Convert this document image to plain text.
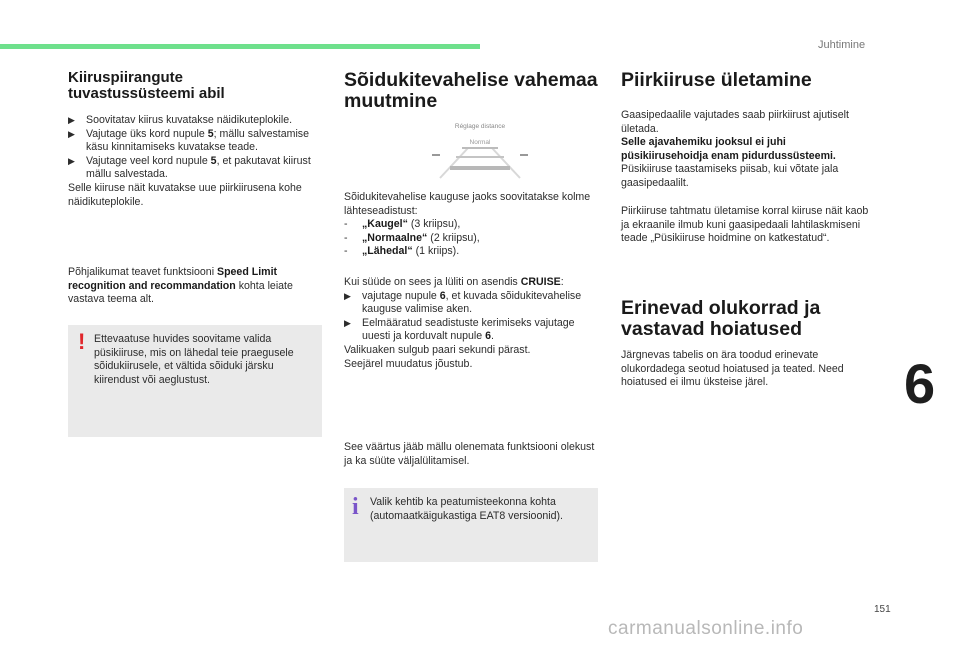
Juhtimine
Kiiruspiirangute
tuvastussüsteemi abil
▶ Soovitatav kiirus kuvatakse näidikuteplokile.
▶ Vajutage üks kord nupule 5; mällu salvestamise käsu kinnitamiseks kuvatakse teade.
▶ Vajutage veel kord nupule 5, et pakutavat kiirust mällu salvestada.

Selle kiiruse näit kuvatakse uue piirkiirusena kohe näidikuteplokile.

Põhjalikumat teavet funktsiooni Speed Limit recognition and recommandation kohta leiate vastava teema alt.

! Ettevaatuse huvides soovitame valida püsikiiruse, mis on lähedal teie praegusele sõidukiirusele, et vältida sõiduki järsku kiirendust või aeglustust.
Sõidukitevahelise vahemaa
muutmine
Réglage distance
Normal

Sõidukitevahelise kauguse jaoks soovitatakse kolme lähteseadistust:

- „Kaugel“ (3 kriipsu),
- „Normaalne“ (2 kriipsu),
- „Lähedal“ (1 kriips).

Kui süüde on sees ja lüliti on asendis CRUISE:

▶ vajutage nupule 6, et kuvada sõidukitevahelise kauguse valimise aken.
▶ Eelmääratud seadistuste kerimiseks vajutage uuesti ja korduvalt nupule 6.

Valikuaken sulgub paari sekundi pärast.

Seejärel muudatus jõustub.

See väärtus jääb mällu olenemata funktsiooni olekust ja ka süüte väljalülitamisel.

i Valik kehtib ka peatumisteekonna kohta (automaatkäigukastiga EAT8 versioonid).
Piirkiiruse ületamine

Gaasipedaalile vajutades saab piirkiirust ajutiselt ületada.

Selle ajavahemiku jooksul ei juhi püsikiirusehoidja enam pidurdussüsteemi.

Püsikiiruse taastamiseks piisab, kui võtate jala gaasipedaalilt.

Piirkiiruse tahtmatu ületamise korral kiiruse näit kaob ja ekraanile ilmub kuni gaasipedaali lahtilaskmiseni teade „Püsikiiruse hoidmine on katkestatud“.

Erinevad olukorrad ja
vastavad hoiatused

Järgnevas tabelis on ära toodud erinevate olukordadega seotud hoiatused ja teated. Need hoiatused ei ilmu üksteise järel.	6
151
carmanualsonline.info
